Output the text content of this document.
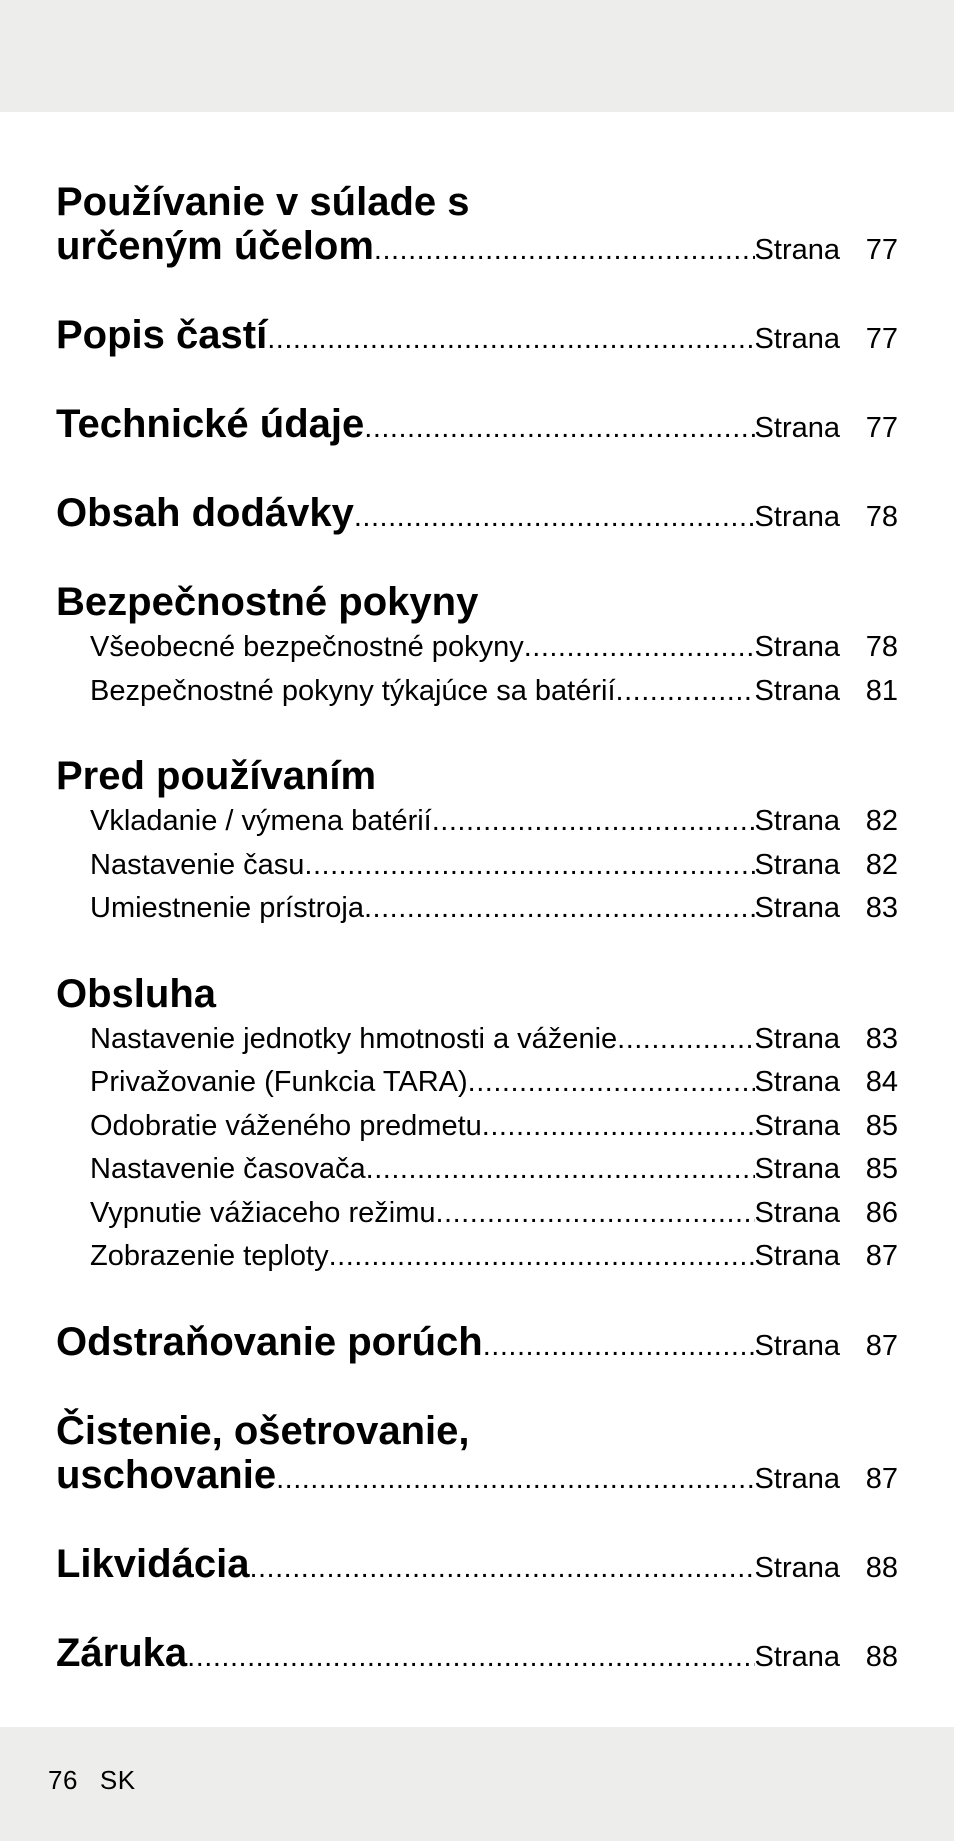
Používanie v súlade s
určeným účelom .....	Strana 77
Popis častí .....	Strana 77
Technické údaje .....	Strana 77
Obsah dodávky .....	Strana 78
Bezpečnostné pokyny
Všeobecné bezpečnostné pokyny .....	Strana 78
Bezpečnostné pokyny týkajúce sa batérií .....	Strana 81
Pred používaním
Vkladanie / výmena batérií .....	Strana 82
Nastavenie času .....	Strana 82
Umiestnenie prístroja .....	Strana 83
Obsluha
Nastavenie jednotky hmotnosti a váženie .....	Strana 83
Privažovanie (Funkcia TARA) .....	Strana 84
Odobratie váženého predmetu .....	Strana 85
Nastavenie časovača .....	Strana 85
Vypnutie vážiaceho režimu .....	Strana 86
Zobrazenie teploty .....	Strana 87
Odstraňovanie porúch .....	Strana 87
Čistenie, ošetrovanie,
uschovanie .....	Strana 87
Likvidácia .....	Strana 88
Záruka .....	Strana 88
76 SK
